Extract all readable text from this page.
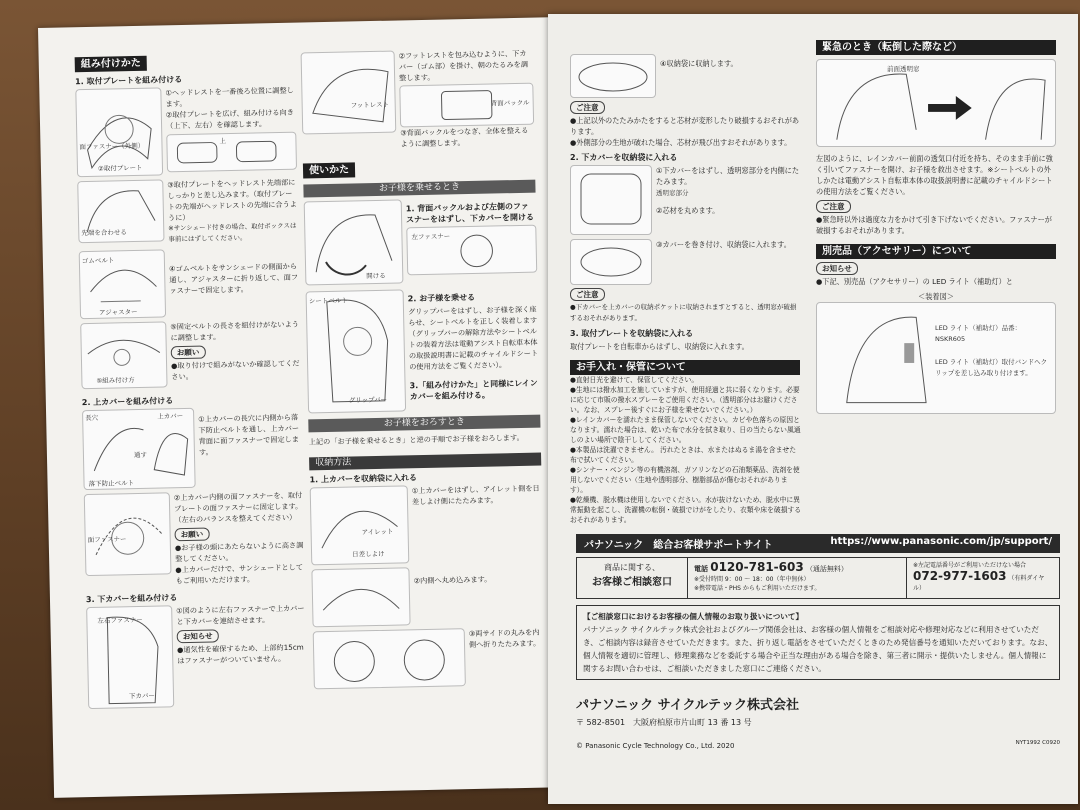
組み付けかた
1. 取付プレートを組み付ける
面ファスナー（外側）
②取付プレート

①ヘッドレストを一番後ろ位置に調整します。

②取付プレートを広げ、組み付ける向き（上下、左右）を確認します。

上
先端を合わせる

③取付プレートをヘッドレスト先端部にしっかりと差し込みます。（取付プレートの先端がヘッドレストの先端に合うように）

※サンシェード付きの場合、取付ボックスは事前にはずしてください。

ゴムベルト
アジャスター

④ゴムベルトをサンシェードの側面から通し、アジャスターに折り返して、面ファスナーで固定します。

⑤組み付け方

⑤固定ベルトの長さを組付けがないように調整します。

お願い

●取り付けで組みがないか確認してください。

2. 上カバーを組み付ける
長穴	上カバー
通す
落下防止ベルト

①上カバーの長穴に内側から落下防止ベルトを通し、上カバー背面に面ファスナーで固定します。

面ファスナー

②上カバー内側の面ファスナーを、取付プレートの面ファスナーに固定します。（左右のバランスを整えてください）

お願い

●お子様の頭にあたらないように高さ調整してください。

●上カバーだけで、サンシェードとしてもご利用いただけます。

3. 下カバーを組み付ける
左右ファスナー
下カバー

①図のように左右ファスナーで上カバーと下カバーを連結させます。

お知らせ

●通気性を確保するため、上部約15cmはファスナーがついていません。

フットレスト

②フットレストを包み込むように、下カバー（ゴム部）を掛け、朝のたるみを調整します。

背面バックル

③背面バックルをつなぎ、全体を整えるように調整します。

使いかた
お子様を乗せるとき
開ける

1. 背面バックルおよび左側のファスナーをはずし、下カバーを開ける

左ファスナー
シートベルト
グリップバー

2. お子様を乗せる

グリップバーをはずし、お子様を深く座らせ、シートベルトを正しく装着します（グリップバーの解除方法やシートベルトの装着方法は電動アシスト自転車本体の取扱説明書に記載のチャイルドシートの使用方法をご覧ください）。

3.「組み付けかた」と同様にレインカバーを組み付ける。

お子様をおろすとき

上記の「お子様を乗せるとき」と逆の手順でお子様をおろします。

収納方法
1. 上カバーを収納袋に入れる
アイレット
日差しよけ

①上カバーをはずし、アイレット側を日差しよけ側にたたみます。

②内側へ丸め込みます。

③両サイドの丸みを内側へ折りたたみます。

④収納袋に収納します。

ご注意

●上記以外のたたみかたをすると芯材が変形したり破損するおそれがあります。

●外側部分の生地が破れた場合、芯材が飛び出すおそれがあります。

2. 下カバーを収納袋に入れる

①下カバーをはずし、透明窓部分を内側にたたみます。

透明窓部分

②芯材を丸めます。

③カバーを巻き付け、収納袋に入れます。

ご注意

●下カバーを上カバーの収納ポケットに収納されますとすると、透明窓が破損するおそれがあります。

3. 取付プレートを収納袋に入れる

取付プレートを自転車からはずし、収納袋に入れます。

お手入れ・保管について

●直射日光を避けて、保管してください。

●生地には撥水加工を施していますが、使用経過と共に弱くなります。必要に応じて市販の撥水スプレーをご使用ください。（透明部分はお避けください。なお、スプレー後すぐにお子様を乗せないでください。）

●レインカバーを濡れたまま保管しないでください。カビや色落ちの原因となります。濡れた場合は、乾いた布で水分を拭き取り、日の当たらない風通しのよい場所で陰干ししてください。

●本製品は洗濯できません。 汚れたときは、水またはぬるま湯を含ませた布で拭いてください。

●シンナー・ベンジン等の有機溶剤、ガソリンなどの石油類薬品、洗剤を使用しないでください（生地や透明部分、樹脂部品が傷むおそれがあります）。

●乾燥機、脱水機は使用しないでください。水が抜けないため、脱水中に異常振動を起こし、洗濯機の転倒・破損でけがをしたり、衣類や床を破損するおそれがあります。

緊急のとき（転倒した際など）
前面透明窓

左図のように、レインカバー前面の透気口付近を持ち、そのまま手前に強く引いてファスナーを開け、お子様を救出させます。※シートベルトの外しかたは電動アシスト自転車本体の取扱説明書に記載のチャイルドシートの使用方法をご覧ください。

ご注意

●緊急時以外は過度な力をかけて引き下げないでください。ファスナーが破損するおそれがあります。

別売品（アクセサリー）について
お知らせ

●下記、別売品（アクセサリー）の LED ライト（補助灯）と

＜装着図＞

LED ライト（補助灯）品番：NSKR605
LED ライト（補助灯）取付バンドへクリップを差し込み取り付けます。
パナソニック　総合お客様サポートサイト	https://www.panasonic.com/jp/support/
商品に関する、
お客様ご相談窓口
電話 0120-781-603 （通話無料）
※受付時間 9：00 ～ 18：00（年中無休）
※携帯電話・PHS からもご利用いただけます。
※左記電話番号がご利用いただけない場合
072-977-1603 （有料ダイヤル）
【ご相談窓口におけるお客様の個人情報のお取り扱いについて】
パナソニック サイクルテック株式会社およびグループ関係会社は、お客様の個人情報をご相談対応や修理対応などに利用させていただき、ご相談内容は録音させていただきます。また、折り返し電話をさせていただくときのため発信番号を通知いただいております。なお、個人情報を適切に管理し、修理業務などを委託する場合や正当な理由がある場合を除き、第三者に開示・提供いたしません。個人情報に関するお問い合わせは、ご相談いただきました窓口にご連絡ください。
パナソニック サイクルテック株式会社
〒 582-8501　大阪府柏原市片山町 13 番 13 号
© Panasonic Cycle Technology Co., Ltd. 2020	NYT1992 C0920
